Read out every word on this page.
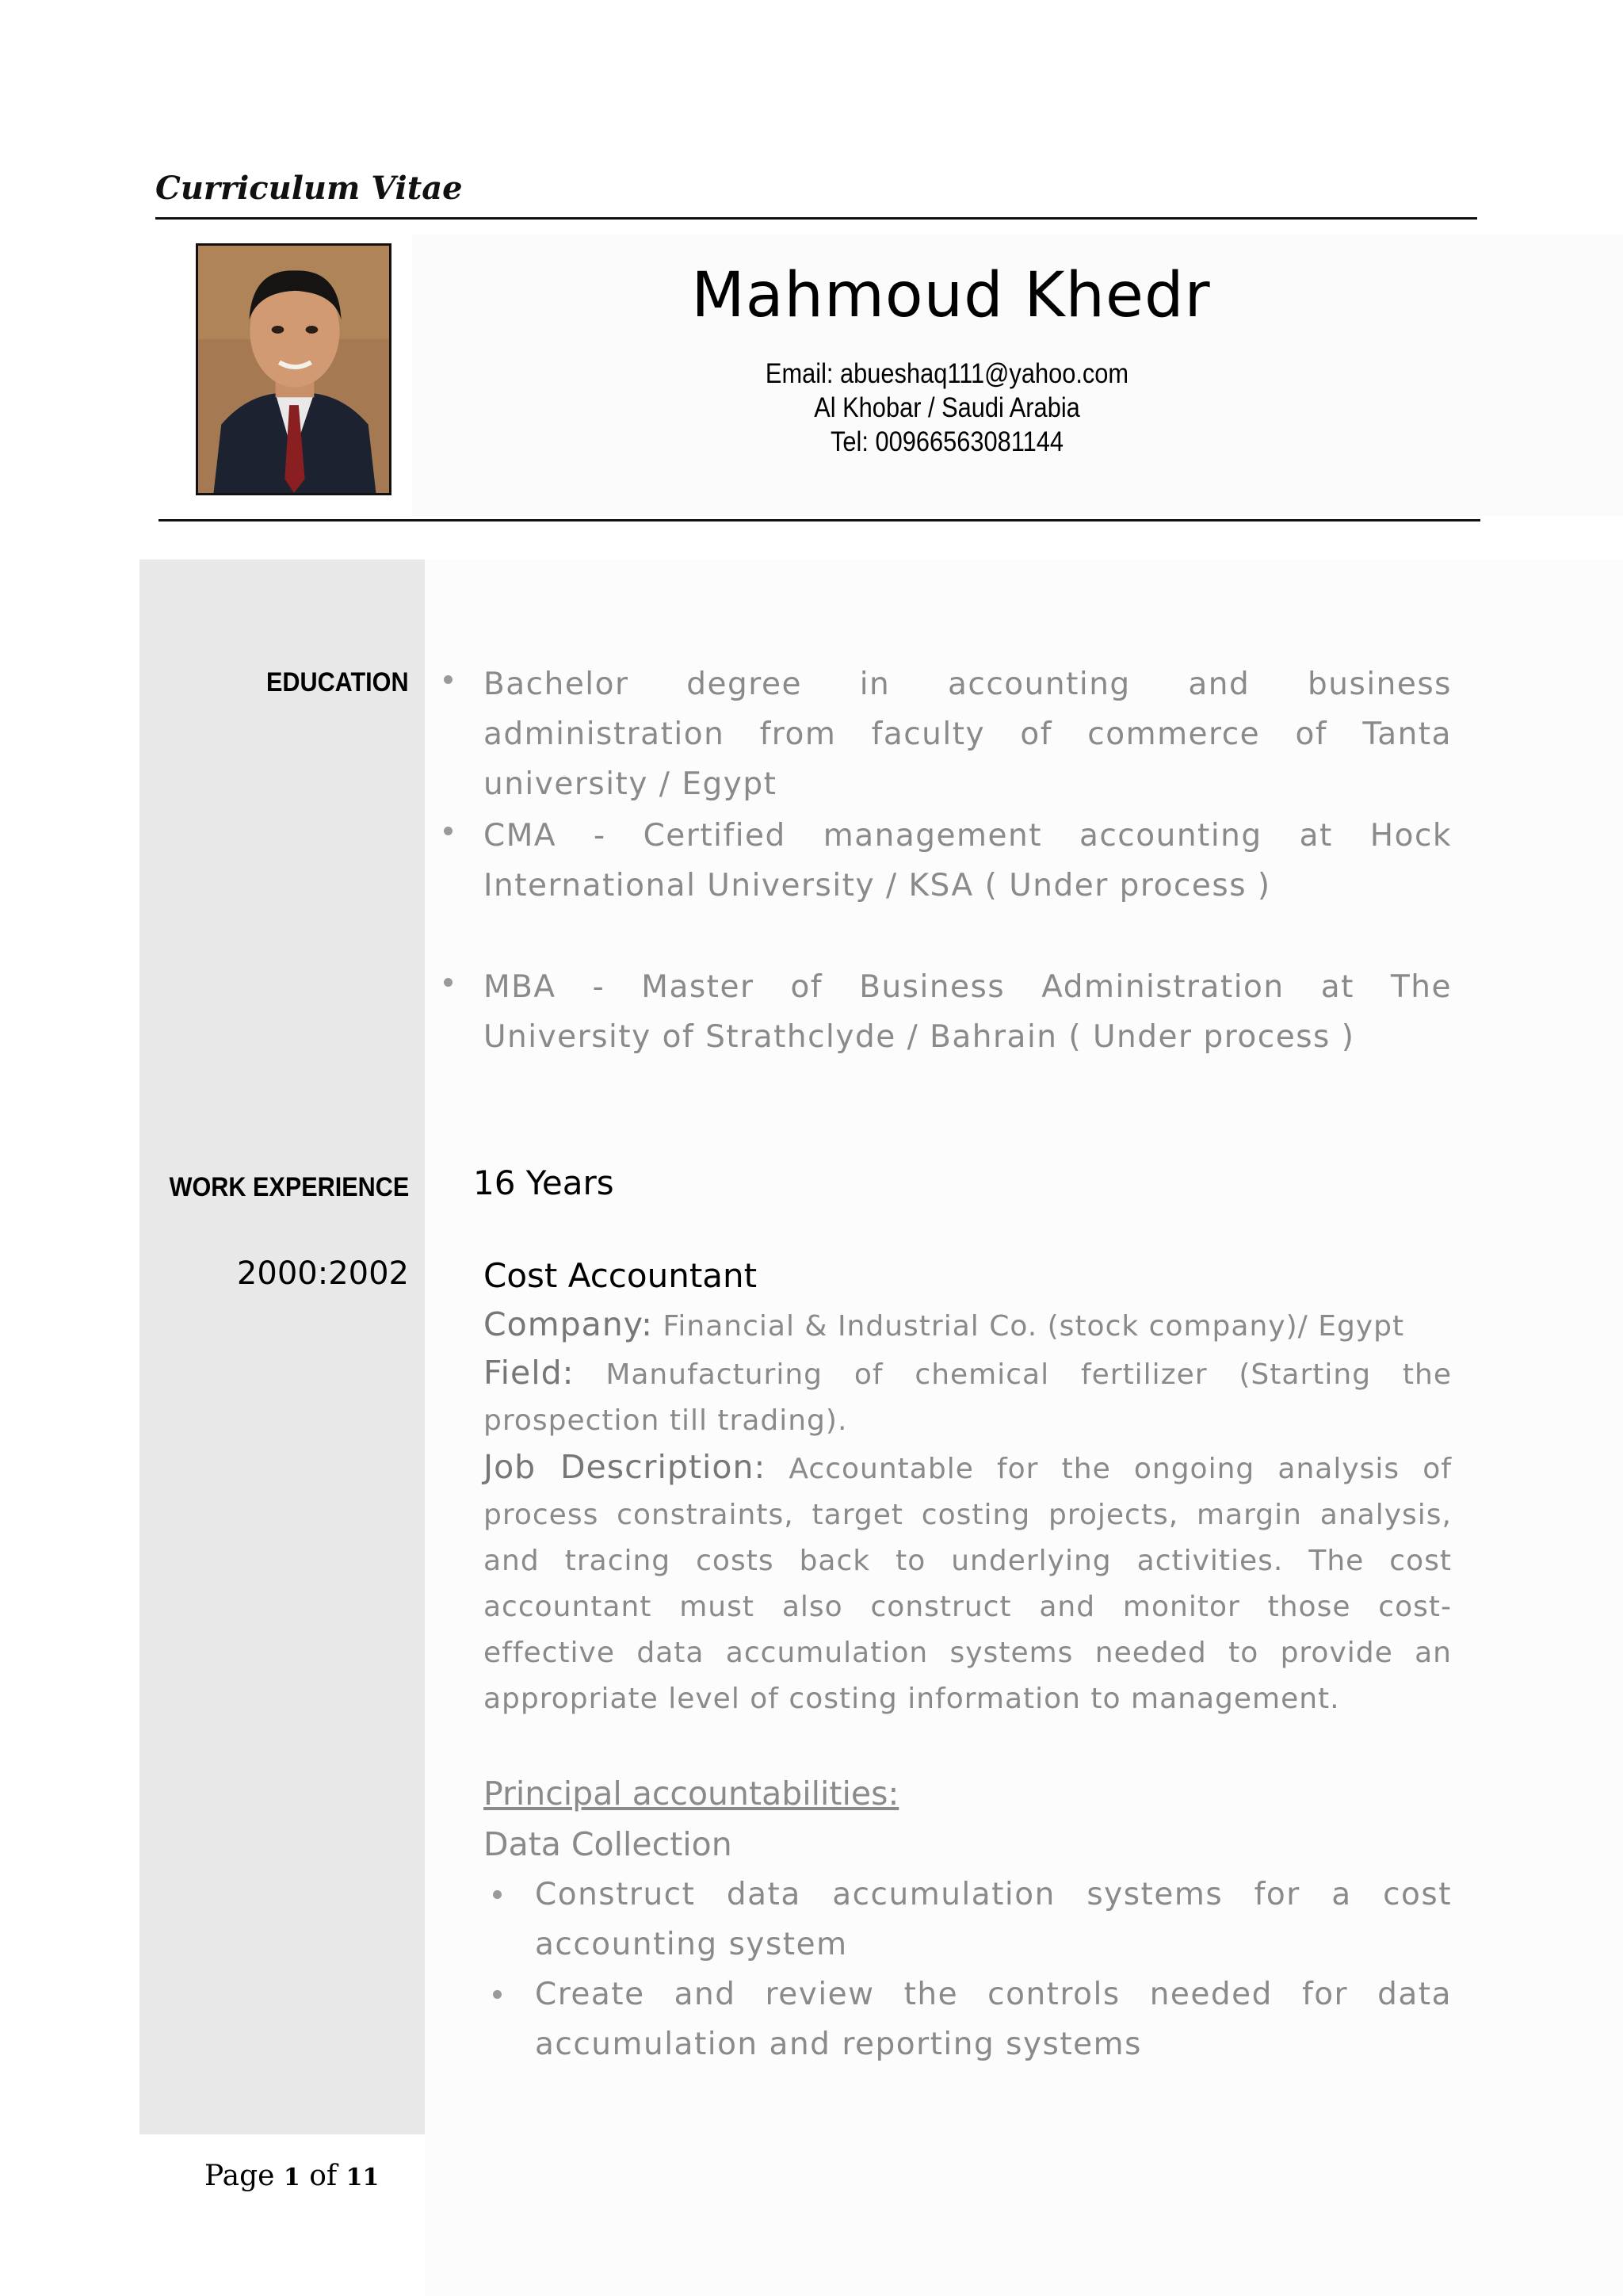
Curriculum Vitae
Mahmoud Khedr
Email: abueshaq111@yahoo.com
Al Khobar / Saudi Arabia
Tel: 00966563081144
EDUCATION
WORK EXPERIENCE
2000:2002
Bachelor degree in accounting and business administration from faculty of commerce of Tanta university / Egypt
CMA - Certified management accounting at Hock International University / KSA ( Under process )
MBA - Master of Business Administration at The University of Strathclyde / Bahrain ( Under process )
16 Years
Cost Accountant
Company: Financial & Industrial Co. (stock company)/ Egypt
Field: Manufacturing of chemical fertilizer (Starting the prospection till trading).
Job Description: Accountable for the ongoing analysis of process constraints, target costing projects, margin analysis, and tracing costs back to underlying activities. The cost accountant must also construct and monitor those cost-effective data accumulation systems needed to provide an appropriate level of costing information to management.
Principal accountabilities:
Data Collection
Construct data accumulation systems for a cost accounting system
Create and review the controls needed for data accumulation and reporting systems
Page 1 of 11
